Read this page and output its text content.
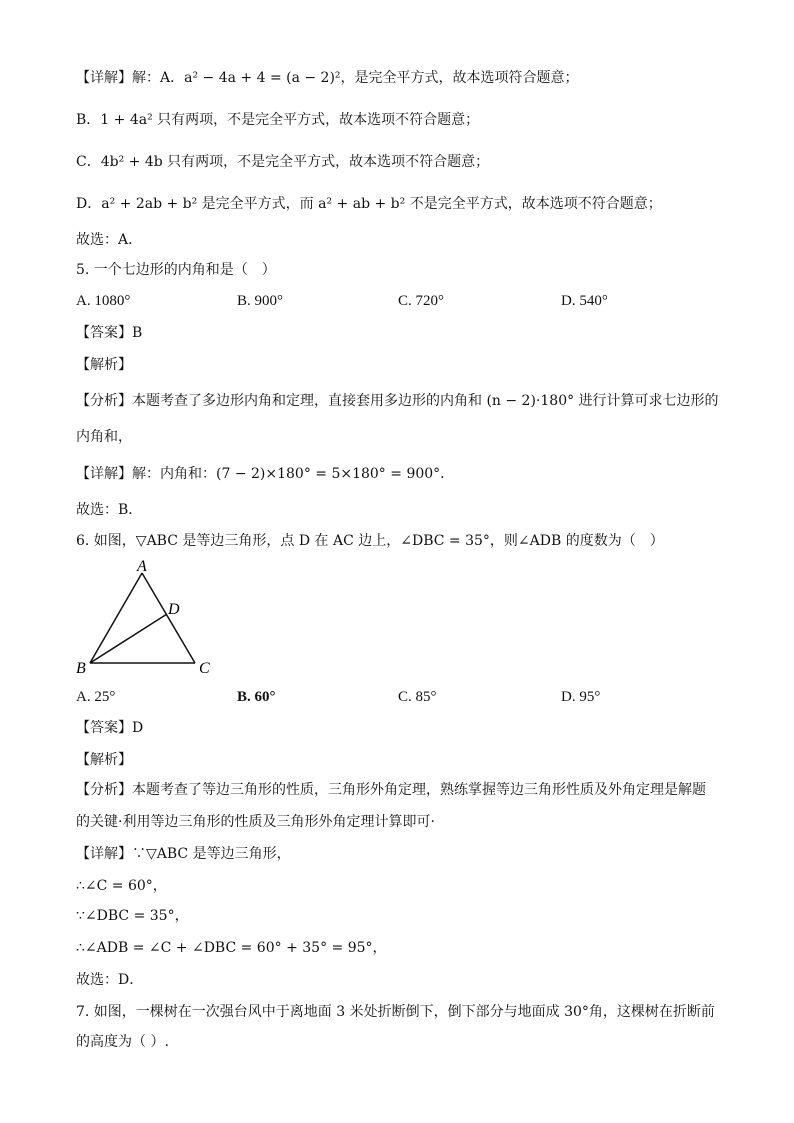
【详解】解：A．a² − 4a + 4 = (a − 2)²，是完全平方式，故本选项符合题意；
B．1 + 4a² 只有两项，不是完全平方式，故本选项不符合题意；
C．4b² + 4b 只有两项，不是完全平方式，故本选项不符合题意；
D．a² + 2ab + b² 是完全平方式，而 a² + ab + b² 不是完全平方式，故本选项不符合题意；
故选：A．
5. 一个七边形的内角和是（　）
A. 1080°	B. 900°	C. 720°	D. 540°
【答案】B
【解析】
【分析】本题考查了多边形内角和定理，直接套用多边形的内角和 (n − 2)·180° 进行计算可求七边形的
内角和，
【详解】解：内角和：(7 − 2)×180° = 5×180° = 900°．
故选：B．
6. 如图，▽ABC 是等边三角形，点 D 在 AC 边上，∠DBC = 35°，则∠ADB 的度数为（　）
A
B	C
D
A. 25°	B. 60°	C. 85°	D. 95°
【答案】D
【解析】
【分析】本题考查了等边三角形的性质，三角形外角定理，熟练掌握等边三角形性质及外角定理是解题
的关键·利用等边三角形的性质及三角形外角定理计算即可·
【详解】∵▽ABC 是等边三角形，
∴∠C = 60°，
∵∠DBC = 35°，
∴∠ADB = ∠C + ∠DBC = 60° + 35° = 95°，
故选：D．
7. 如图，一棵树在一次强台风中于离地面 3 米处折断倒下，倒下部分与地面成 30°角，这棵树在折断前
的高度为（ ）.
